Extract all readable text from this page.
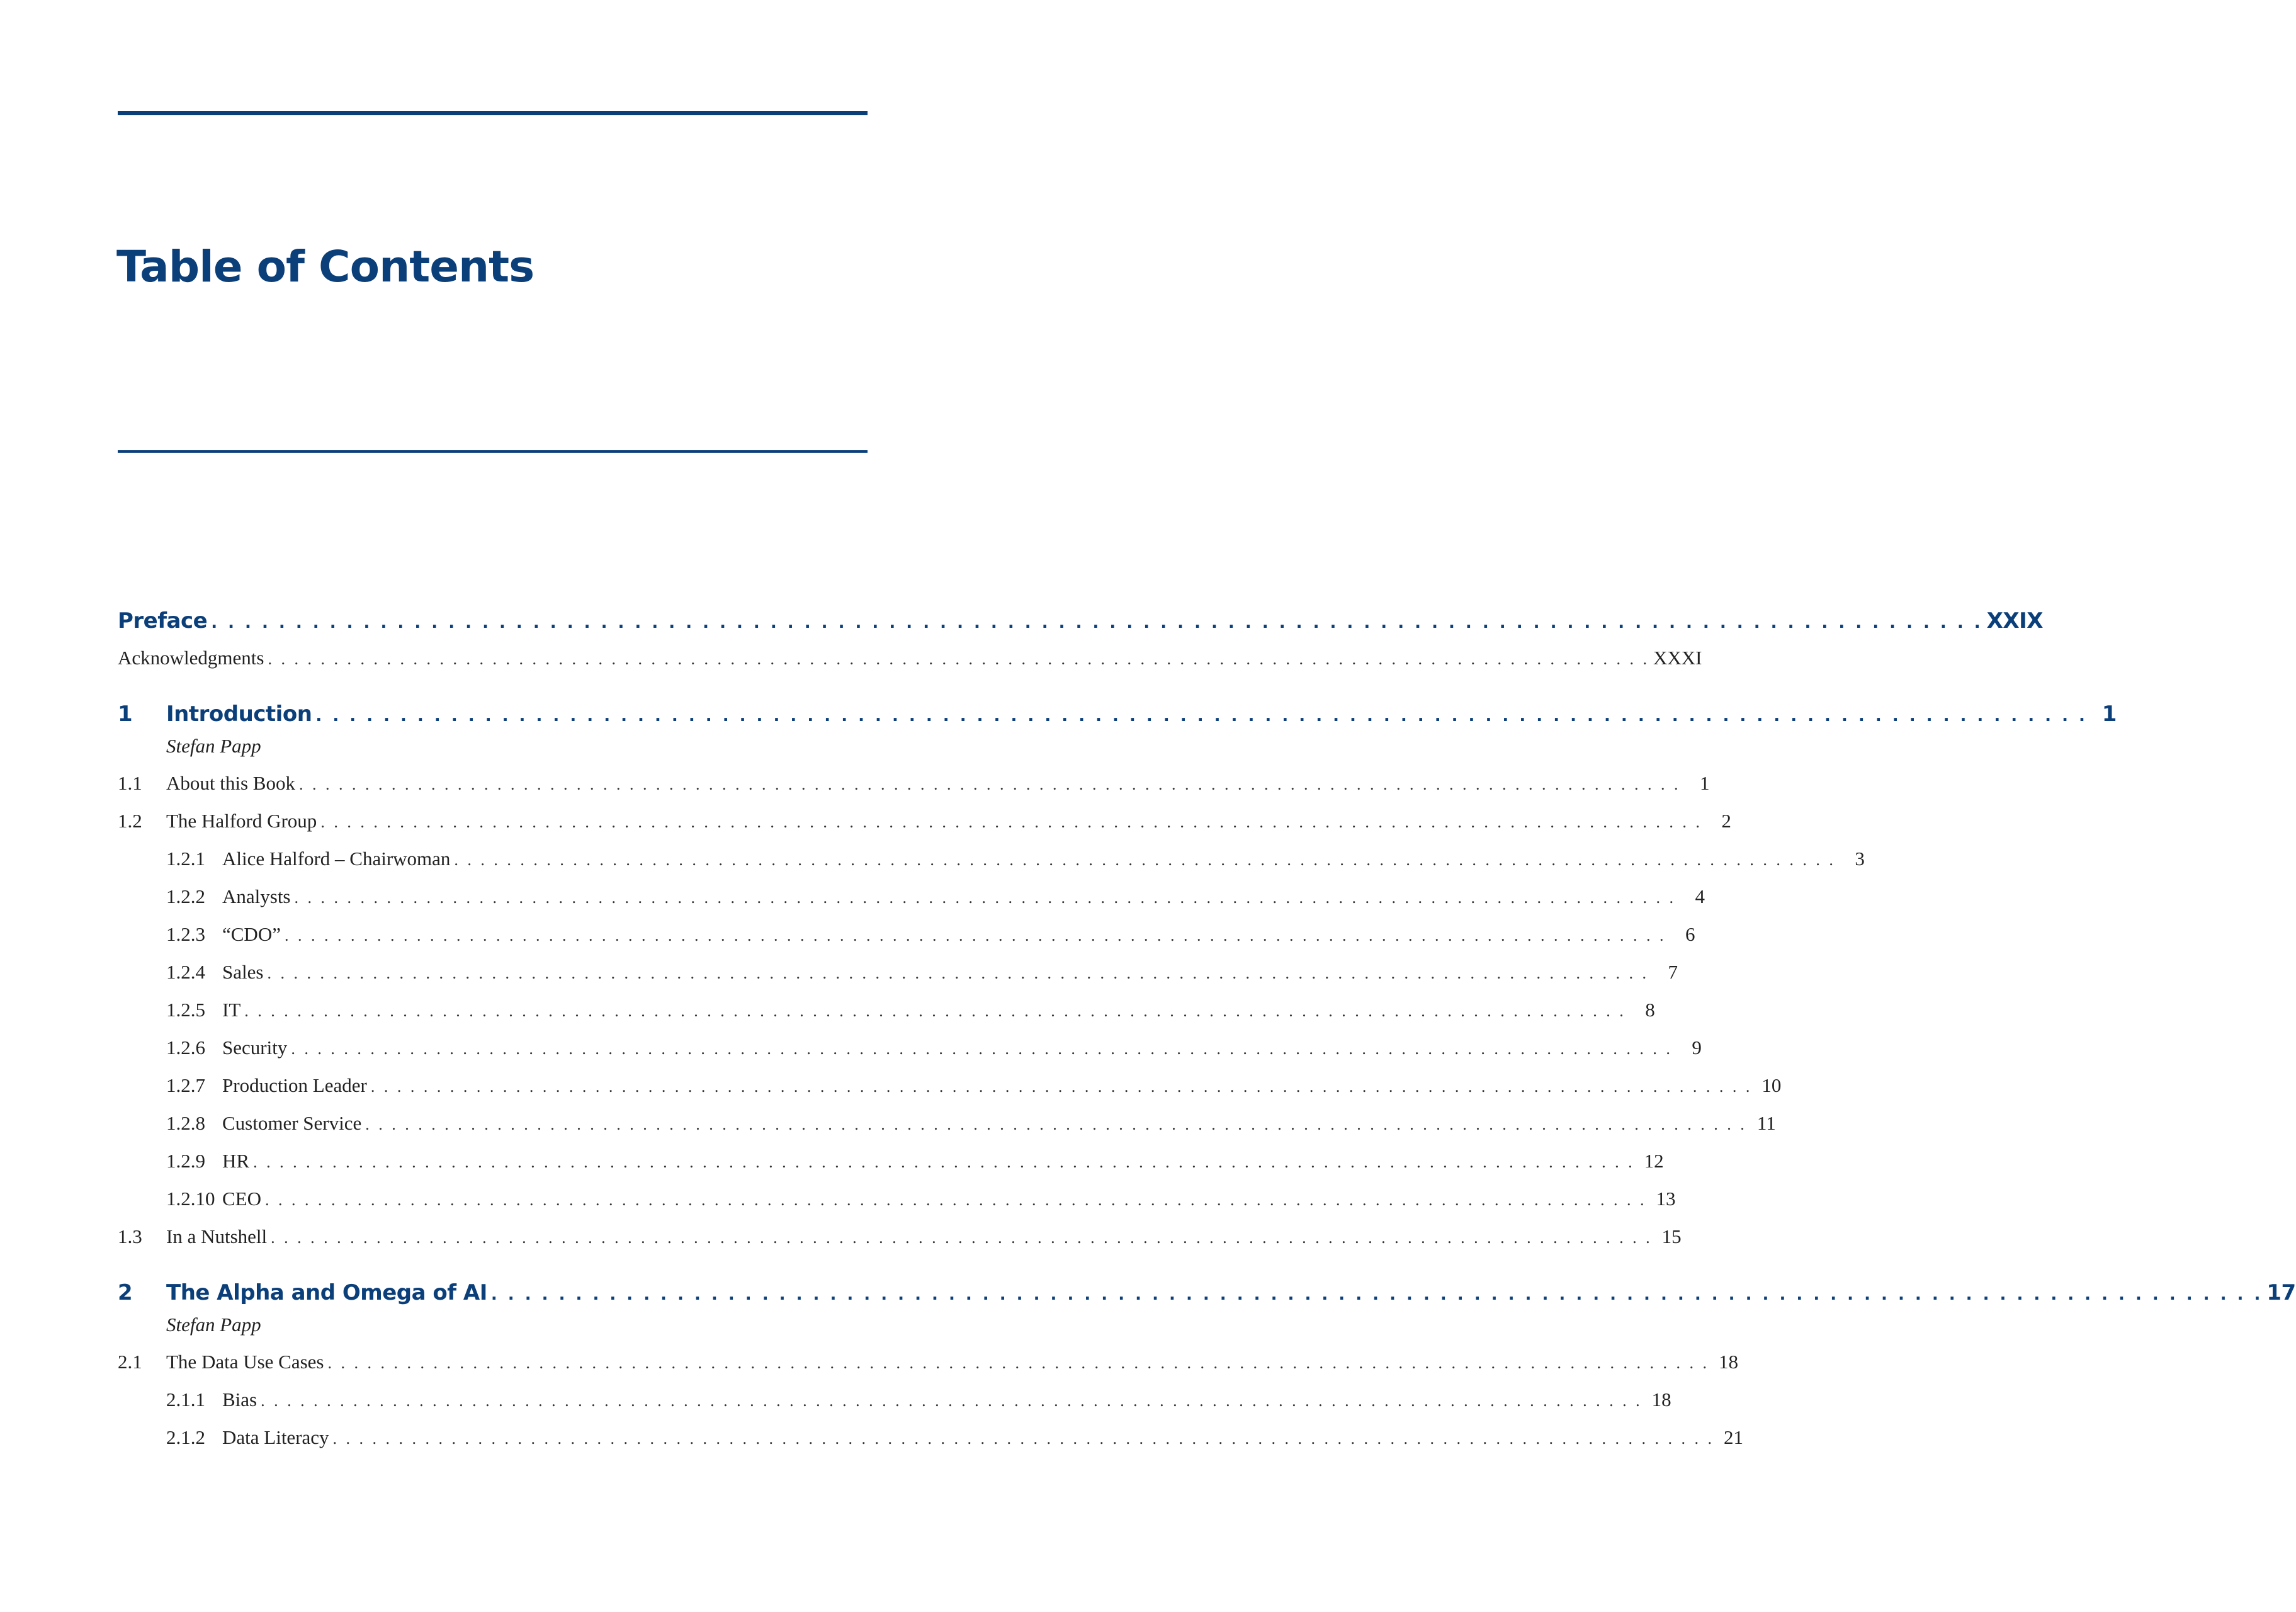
Table of Contents
Preface . . . . . . . . . . . . . . . . . . . . . . . . . . . . . . . . . . . . . . . . . . . . . . . . . . . . . . . . . . . . . . . . . . . . . . . . . . . . . . . . . . . . . . . . . . . . . . . . . . . . . . . . . XXIX
Acknowledgments . . . . . . . . . . . . . . . . . . . . . . . . . . . . . . . . . . . . . . . . . . . . . . . . . . . . . . . . . . . . . . . . . . . . . . . . . . . . . . . . . . . . . . . . . . . . . . . . . . . . . . . . . XXXI
1	Introduction . . . . . . . . . . . . . . . . . . . . . . . . . . . . . . . . . . . . . . . . . . . . . . . . . . . . . . . . . . . . . . . . . . . . . . . . . . . . . . . . . . . . . . . . . . . . . . . . . . . . . . . . . 1
Stefan Papp
1.1	About this Book . . . . . . . . . . . . . . . . . . . . . . . . . . . . . . . . . . . . . . . . . . . . . . . . . . . . . . . . . . . . . . . . . . . . . . . . . . . . . . . . . . . . . . . . . . . . . . . . . . . . . . . . . 1
1.2	The Halford Group . . . . . . . . . . . . . . . . . . . . . . . . . . . . . . . . . . . . . . . . . . . . . . . . . . . . . . . . . . . . . . . . . . . . . . . . . . . . . . . . . . . . . . . . . . . . . . . . . . . . . . . . . 2
1.2.1 Alice Halford – Chairwoman . . . . . . . . . . . . . . . . . . . . . . . . . . . . . . . . . . . . . . . . . . . . . . . . . . . . . . . . . . . . . . . . . . . . . . . . . . . . . . . . . . . . . . . . . . . . . . . . . . . . . . . . . 3
1.2.2 Analysts . . . . . . . . . . . . . . . . . . . . . . . . . . . . . . . . . . . . . . . . . . . . . . . . . . . . . . . . . . . . . . . . . . . . . . . . . . . . . . . . . . . . . . . . . . . . . . . . . . . . . . . . . 4
1.2.3 “CDO” . . . . . . . . . . . . . . . . . . . . . . . . . . . . . . . . . . . . . . . . . . . . . . . . . . . . . . . . . . . . . . . . . . . . . . . . . . . . . . . . . . . . . . . . . . . . . . . . . . . . . . . . . 6
1.2.4 Sales . . . . . . . . . . . . . . . . . . . . . . . . . . . . . . . . . . . . . . . . . . . . . . . . . . . . . . . . . . . . . . . . . . . . . . . . . . . . . . . . . . . . . . . . . . . . . . . . . . . . . . . . . 7
1.2.5 IT . . . . . . . . . . . . . . . . . . . . . . . . . . . . . . . . . . . . . . . . . . . . . . . . . . . . . . . . . . . . . . . . . . . . . . . . . . . . . . . . . . . . . . . . . . . . . . . . . . . . . . . . . 8
1.2.6 Security . . . . . . . . . . . . . . . . . . . . . . . . . . . . . . . . . . . . . . . . . . . . . . . . . . . . . . . . . . . . . . . . . . . . . . . . . . . . . . . . . . . . . . . . . . . . . . . . . . . . . . . . . 9
1.2.7 Production Leader . . . . . . . . . . . . . . . . . . . . . . . . . . . . . . . . . . . . . . . . . . . . . . . . . . . . . . . . . . . . . . . . . . . . . . . . . . . . . . . . . . . . . . . . . . . . . . . . . . . . . . . . . 10
1.2.8 Customer Service . . . . . . . . . . . . . . . . . . . . . . . . . . . . . . . . . . . . . . . . . . . . . . . . . . . . . . . . . . . . . . . . . . . . . . . . . . . . . . . . . . . . . . . . . . . . . . . . . . . . . . . . . 11
1.2.9 HR . . . . . . . . . . . . . . . . . . . . . . . . . . . . . . . . . . . . . . . . . . . . . . . . . . . . . . . . . . . . . . . . . . . . . . . . . . . . . . . . . . . . . . . . . . . . . . . . . . . . . . . . . 12
1.2.10 CEO . . . . . . . . . . . . . . . . . . . . . . . . . . . . . . . . . . . . . . . . . . . . . . . . . . . . . . . . . . . . . . . . . . . . . . . . . . . . . . . . . . . . . . . . . . . . . . . . . . . . . . . . . 13
1.3	In a Nutshell . . . . . . . . . . . . . . . . . . . . . . . . . . . . . . . . . . . . . . . . . . . . . . . . . . . . . . . . . . . . . . . . . . . . . . . . . . . . . . . . . . . . . . . . . . . . . . . . . . . . . . . . . 15
2	The Alpha and Omega of AI . . . . . . . . . . . . . . . . . . . . . . . . . . . . . . . . . . . . . . . . . . . . . . . . . . . . . . . . . . . . . . . . . . . . . . . . . . . . . . . . . . . . . . . . . . . . . . . . . . . . . . . . . 17
Stefan Papp
2.1	The Data Use Cases . . . . . . . . . . . . . . . . . . . . . . . . . . . . . . . . . . . . . . . . . . . . . . . . . . . . . . . . . . . . . . . . . . . . . . . . . . . . . . . . . . . . . . . . . . . . . . . . . . . . . . . . . 18
2.1.1 Bias . . . . . . . . . . . . . . . . . . . . . . . . . . . . . . . . . . . . . . . . . . . . . . . . . . . . . . . . . . . . . . . . . . . . . . . . . . . . . . . . . . . . . . . . . . . . . . . . . . . . . . . . . 18
2.1.2 Data Literacy . . . . . . . . . . . . . . . . . . . . . . . . . . . . . . . . . . . . . . . . . . . . . . . . . . . . . . . . . . . . . . . . . . . . . . . . . . . . . . . . . . . . . . . . . . . . . . . . . . . . . . . . . 21
